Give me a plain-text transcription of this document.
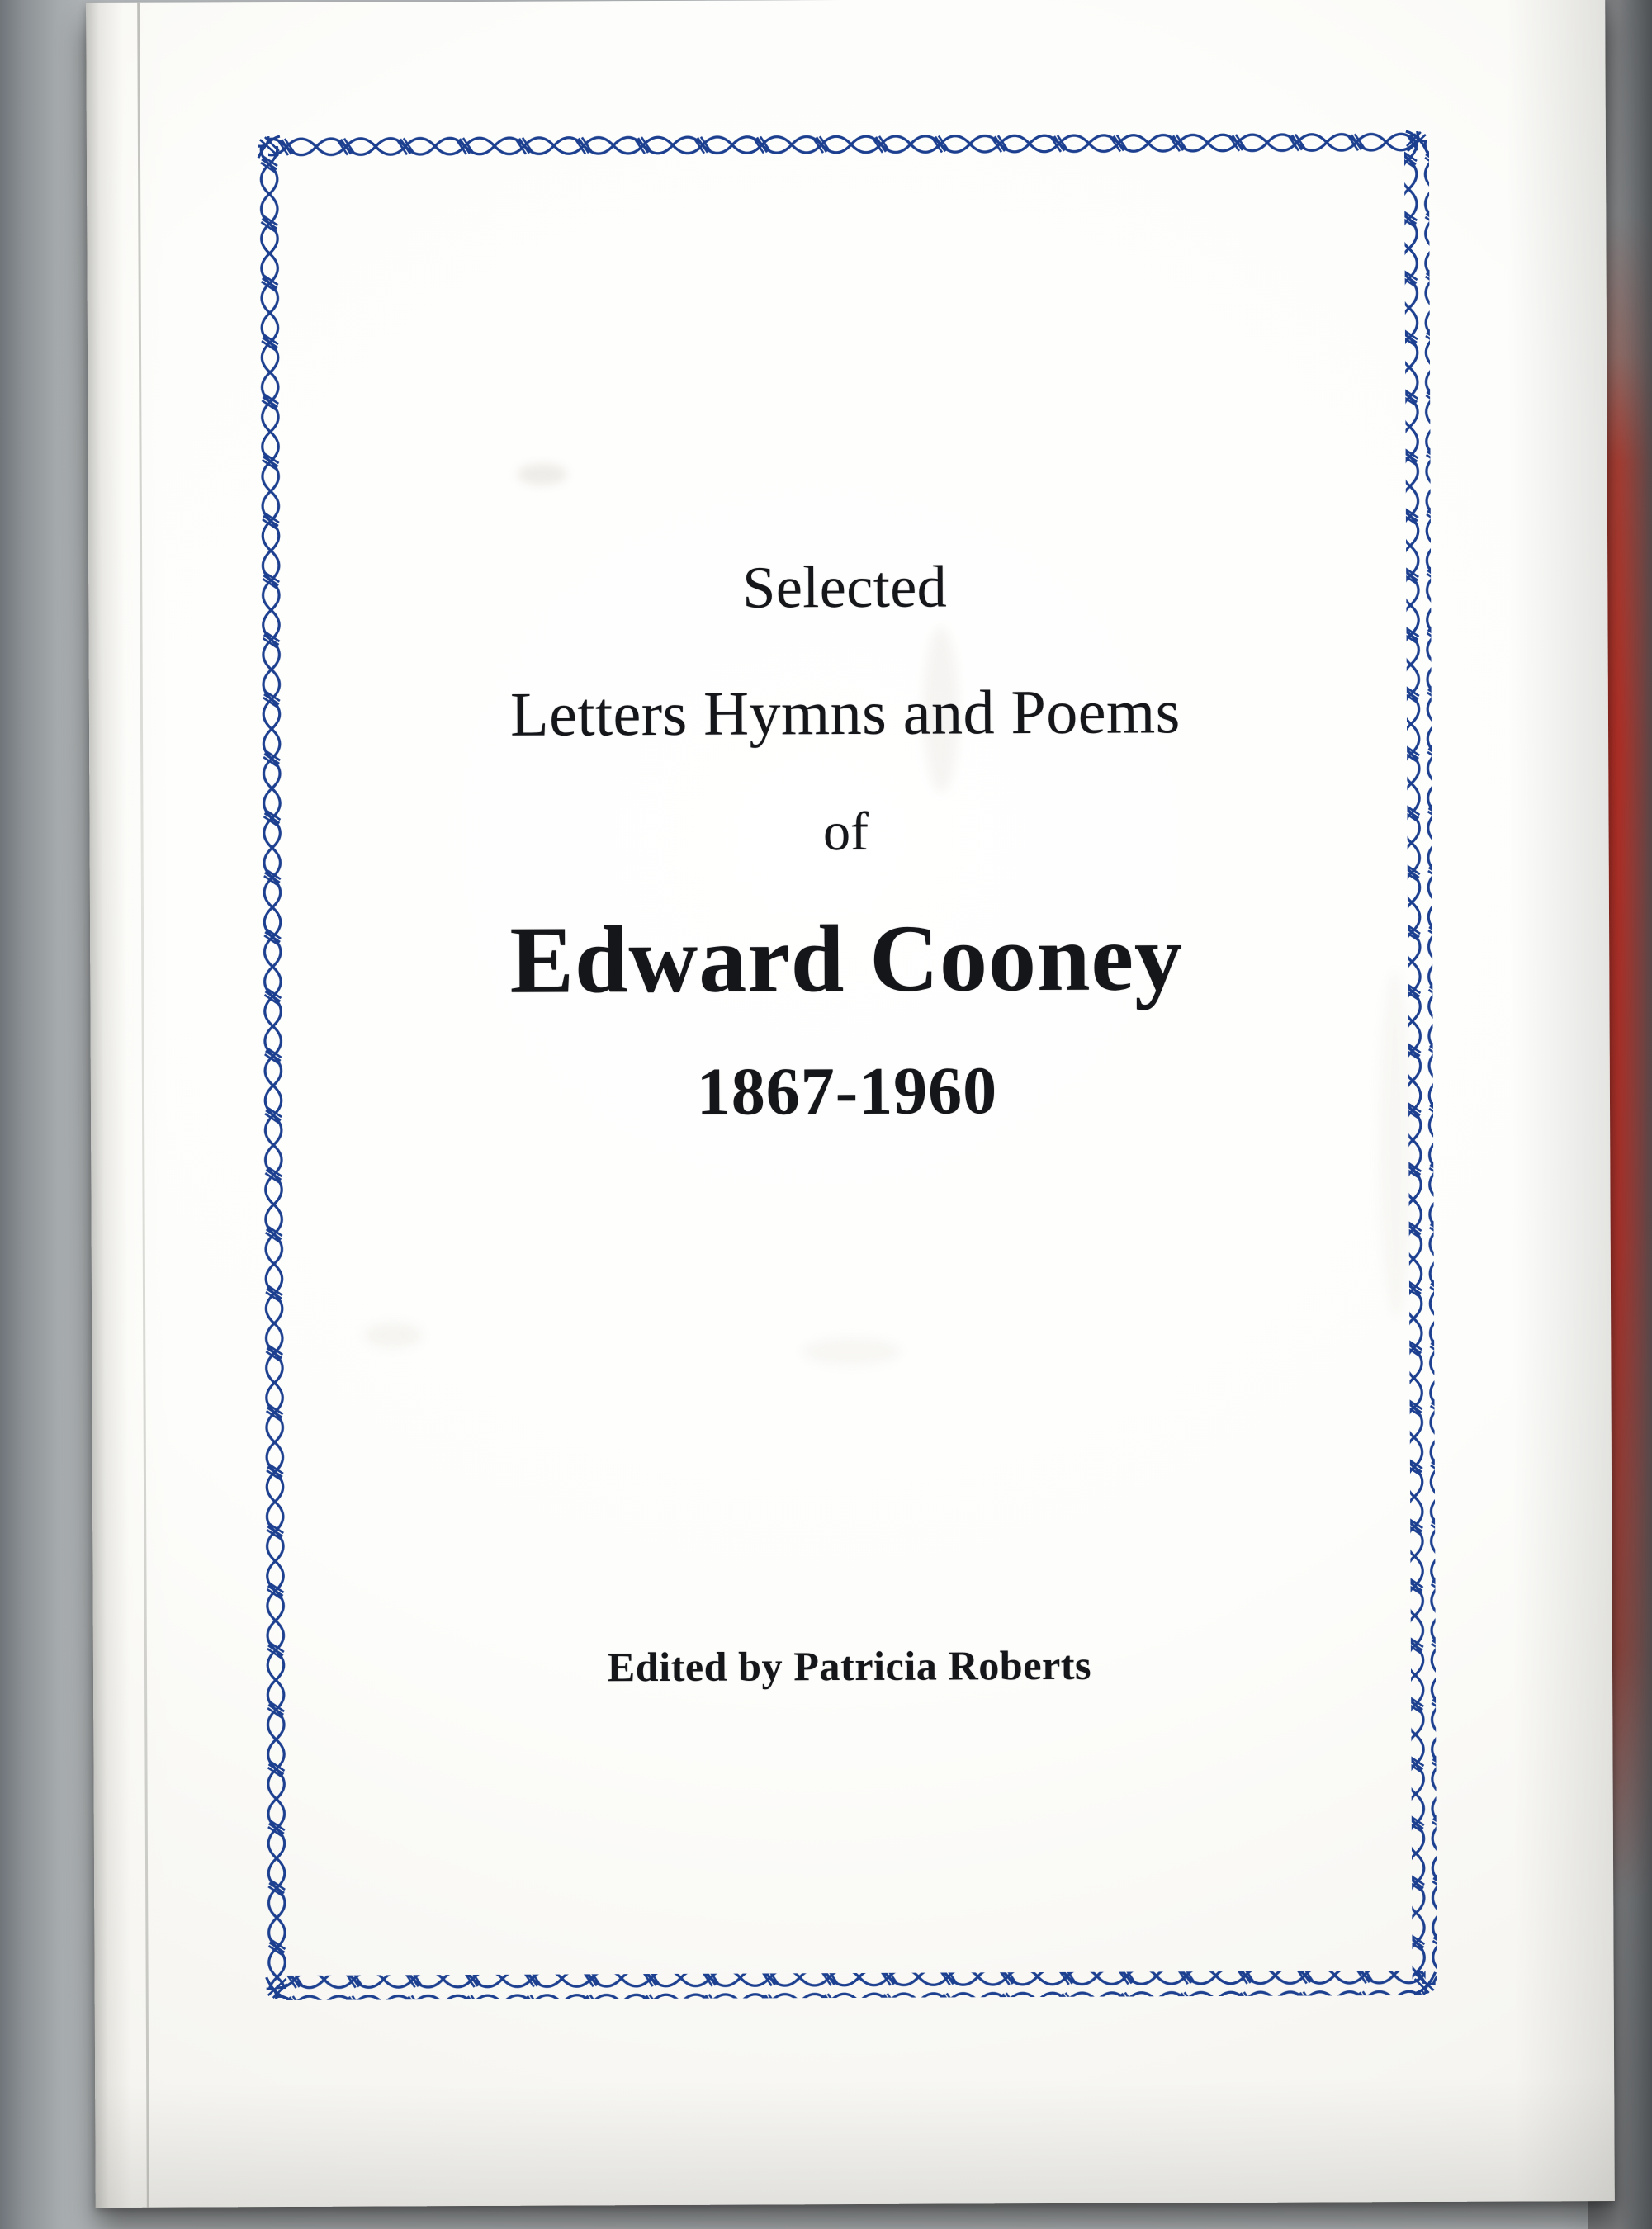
Selected
Letters Hymns and Poems
of
Edward Cooney
1867-1960
Edited by Patricia Roberts
